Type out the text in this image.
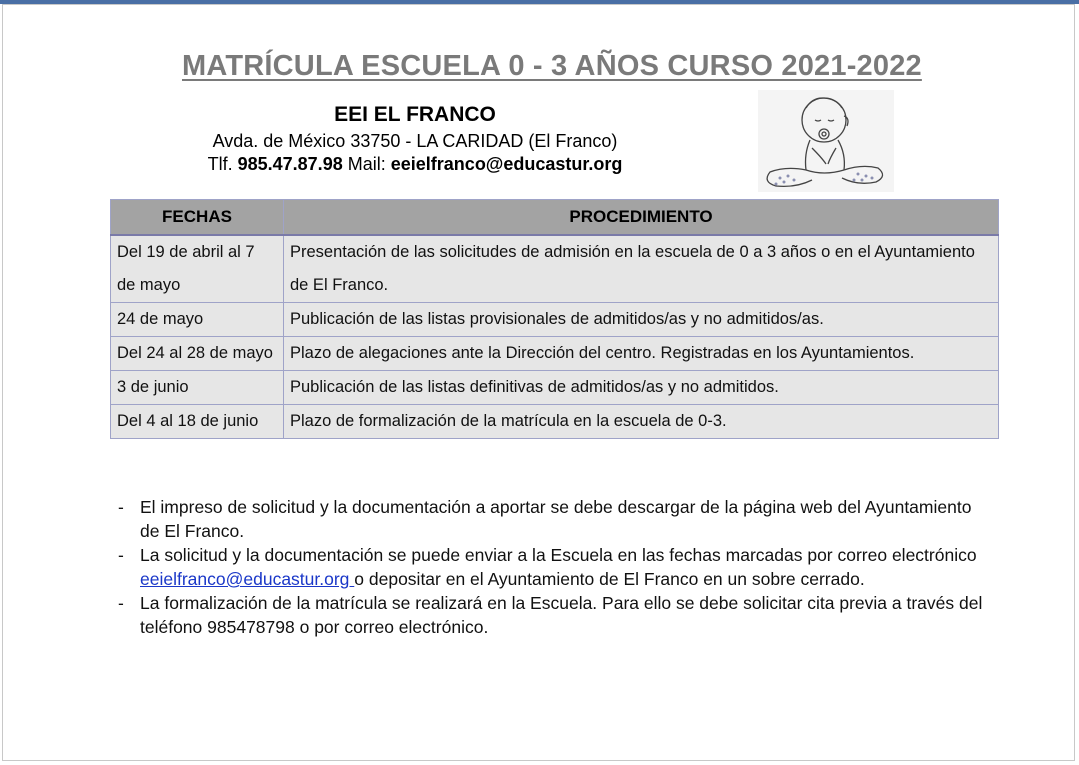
MATRÍCULA ESCUELA 0 - 3 AÑOS CURSO 2021-2022
EEI EL FRANCO
Avda. de México 33750 - LA CARIDAD (El Franco)
Tlf. 985.47.87.98 Mail: eeielfranco@educastur.org
FECHAS	PROCEDIMIENTO
Del 19 de abril al 7 de mayo	Presentación de las solicitudes de admisión en la escuela de 0 a 3 años o en el Ayuntamiento de El Franco.
24 de mayo	Publicación de las listas provisionales de admitidos/as y no admitidos/as.
Del 24 al 28 de mayo	Plazo de alegaciones ante la Dirección del centro. Registradas en los Ayuntamientos.
3 de junio	Publicación de las listas definitivas de admitidos/as y no admitidos.
Del 4 al 18 de junio	Plazo de formalización de la matrícula en la escuela de 0-3.
- El impreso de solicitud y la documentación a aportar se debe descargar de la página web del Ayuntamiento de El Franco.
- La solicitud y la documentación se puede enviar a la Escuela en las fechas marcadas por correo electrónico eeielfranco@educastur.org o depositar en el Ayuntamiento de El Franco en un sobre cerrado.
- La formalización de la matrícula se realizará en la Escuela. Para ello se debe solicitar cita previa a través del teléfono 985478798 o por correo electrónico.
